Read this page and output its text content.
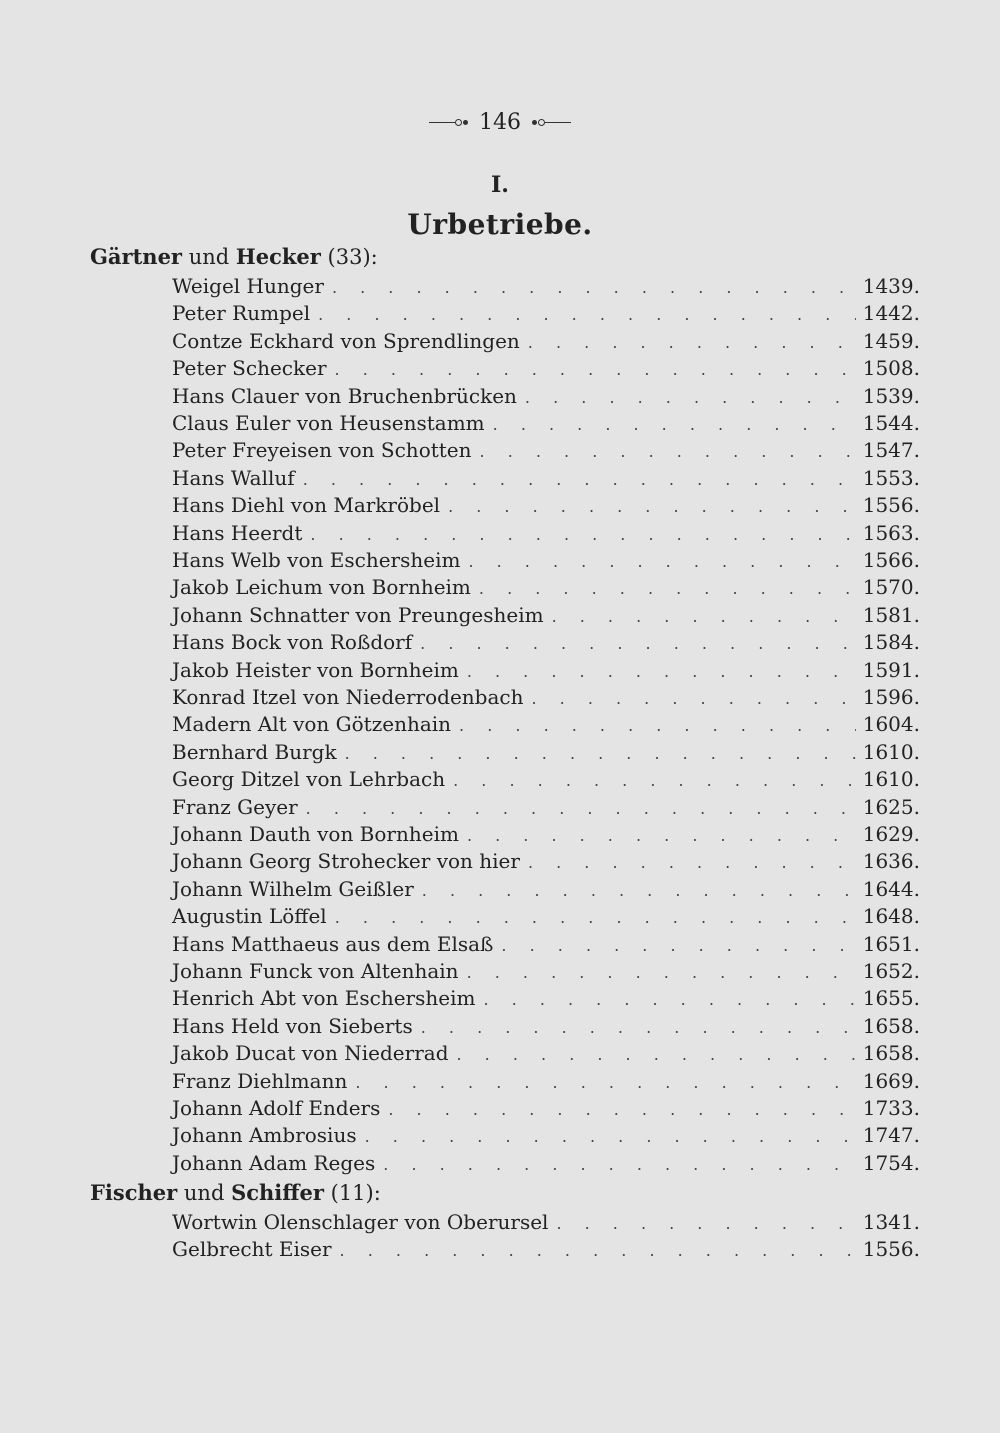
146
I.
Urbetriebe.
Gärtner und Hecker (33):
Weigel Hunger . . .	1439.
Peter Rumpel . . .	1442.
Contze Eckhard von Sprendlingen . . .	1459.
Peter Schecker . . .	1508.
Hans Clauer von Bruchenbrücken . . .	1539.
Claus Euler von Heusenstamm . . .	1544.
Peter Freyeisen von Schotten . . .	1547.
Hans Walluf . . .	1553.
Hans Diehl von Markröbel . . .	1556.
Hans Heerdt . . .	1563.
Hans Welb von Eschersheim . . .	1566.
Jakob Leichum von Bornheim . . .	1570.
Johann Schnatter von Preungesheim . . .	1581.
Hans Bock von Roßdorf . . .	1584.
Jakob Heister von Bornheim . . .	1591.
Konrad Itzel von Niederrodenbach . . .	1596.
Madern Alt von Götzenhain . . .	1604.
Bernhard Burgk . . .	1610.
Georg Ditzel von Lehrbach . . .	1610.
Franz Geyer . . .	1625.
Johann Dauth von Bornheim . . .	1629.
Johann Georg Strohecker von hier . . .	1636.
Johann Wilhelm Geißler . . .	1644.
Augustin Löffel . . .	1648.
Hans Matthaeus aus dem Elsaß . . .	1651.
Johann Funck von Altenhain . . .	1652.
Henrich Abt von Eschersheim . . .	1655.
Hans Held von Sieberts . . .	1658.
Jakob Ducat von Niederrad . . .	1658.
Franz Diehlmann . . .	1669.
Johann Adolf Enders . . .	1733.
Johann Ambrosius . . .	1747.
Johann Adam Reges . . .	1754.
Fischer und Schiffer (11):
Wortwin Olenschlager von Oberursel . . .	1341.
Gelbrecht Eiser . . .	1556.
